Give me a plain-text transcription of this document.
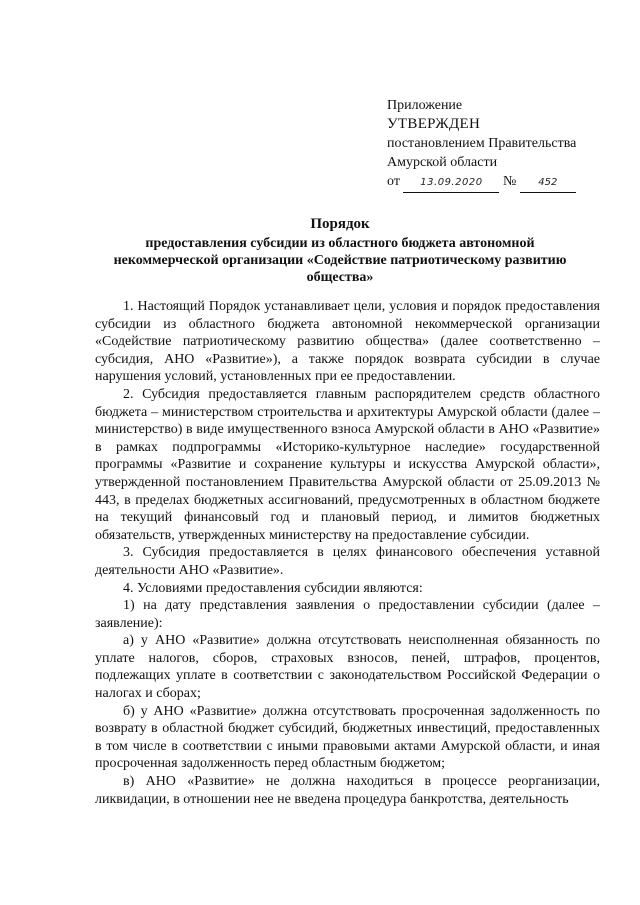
Приложение
УТВЕРЖДЕН
постановлением Правительства
Амурской области
от 13.09.2020 № 452
Порядок
предоставления субсидии из областного бюджета автономной некоммерческой организации «Содействие патриотическому развитию общества»

1. Настоящий Порядок устанавливает цели, условия и порядок предоставления субсидии из областного бюджета автономной некоммерческой организации «Содействие патриотическому развитию общества» (далее соответственно – субсидия, АНО «Развитие»), а также порядок возврата субсидии в случае нарушения условий, установленных при ее предоставлении.

2. Субсидия предоставляется главным распорядителем средств областного бюджета – министерством строительства и архитектуры Амурской области (далее – министерство) в виде имущественного взноса Амурской области в АНО «Развитие» в рамках подпрограммы «Историко-культурное наследие» государственной программы «Развитие и сохранение культуры и искусства Амурской области», утвержденной постановлением Правительства Амурской области от 25.09.2013 № 443, в пределах бюджетных ассигнований, предусмотренных в областном бюджете на текущий финансовый год и плановый период, и лимитов бюджетных обязательств, утвержденных министерству на предоставление субсидии.

3. Субсидия предоставляется в целях финансового обеспечения уставной деятельности АНО «Развитие».

4. Условиями предоставления субсидии являются:

1) на дату представления заявления о предоставлении субсидии (далее – заявление):

а) у АНО «Развитие» должна отсутствовать неисполненная обязанность по уплате налогов, сборов, страховых взносов, пеней, штрафов, процентов, подлежащих уплате в соответствии с законодательством Российской Федерации о налогах и сборах;

б) у АНО «Развитие» должна отсутствовать просроченная задолженность по возврату в областной бюджет субсидий, бюджетных инвестиций, предоставленных в том числе в соответствии с иными правовыми актами Амурской области, и иная просроченная задолженность перед областным бюджетом;

в) АНО «Развитие» не должна находиться в процессе реорганизации, ликвидации, в отношении нее не введена процедура банкротства, деятельность
